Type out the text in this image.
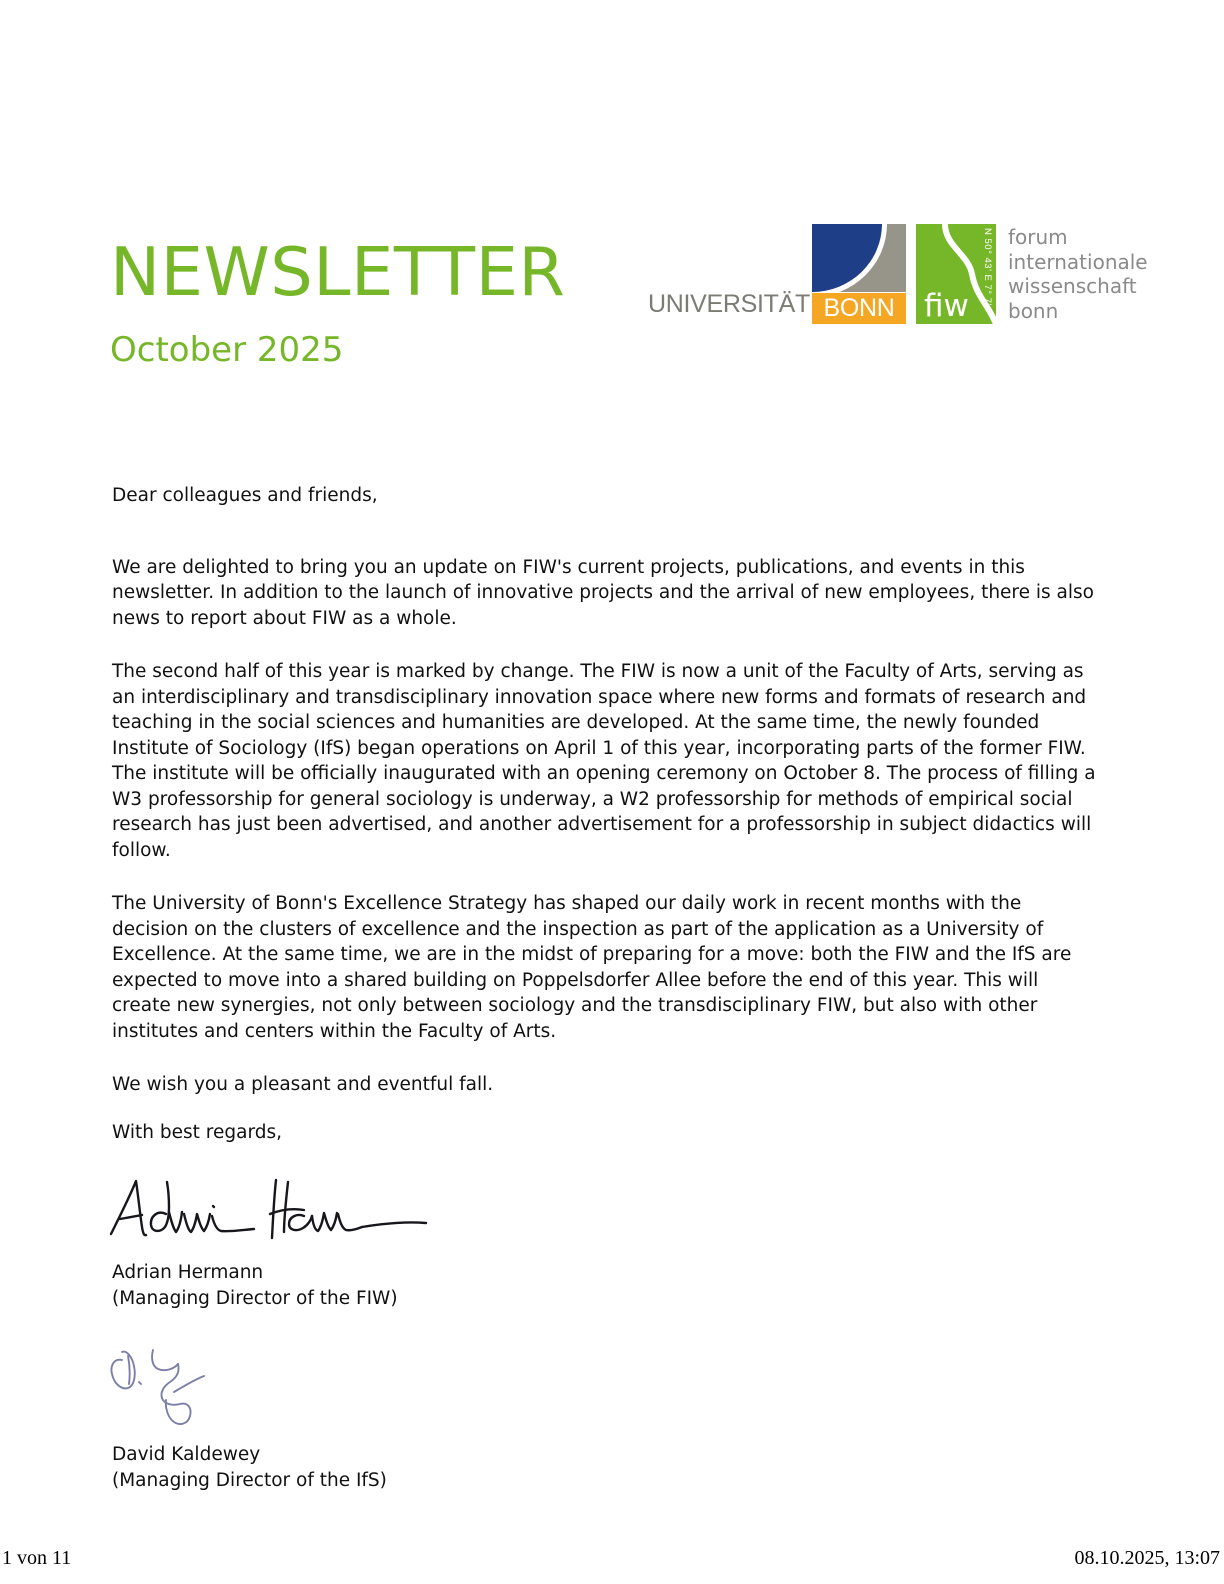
NEWSLETTER
October 2025
UNIVERSITÄT BONN fiw
N 50° 43' E 7° 7' forum
internationale
wissenschaft
bonn

Dear colleagues and friends,

We are delighted to bring you an update on FIW's current projects, publications, and events in this newsletter. In addition to the launch of innovative projects and the arrival of new employees, there is also news to report about FIW as a whole.

The second half of this year is marked by change. The FIW is now a unit of the Faculty of Arts, serving as an interdisciplinary and transdisciplinary innovation space where new forms and formats of research and teaching in the social sciences and humanities are developed. At the same time, the newly founded Institute of Sociology (IfS) began operations on April 1 of this year, incorporating parts of the former FIW. The institute will be officially inaugurated with an opening ceremony on October 8. The process of filling a W3 professorship for general sociology is underway, a W2 professorship for methods of empirical social research has just been advertised, and another advertisement for a professorship in subject didactics will follow.

The University of Bonn's Excellence Strategy has shaped our daily work in recent months with the decision on the clusters of excellence and the inspection as part of the application as a University of Excellence. At the same time, we are in the midst of preparing for a move: both the FIW and the IfS are expected to move into a shared building on Poppelsdorfer Allee before the end of this year. This will create new synergies, not only between sociology and the transdisciplinary FIW, but also with other institutes and centers within the Faculty of Arts.

We wish you a pleasant and eventful fall.

With best regards,
Adrian Hermann
(Managing Director of the FIW)
David Kaldewey
(Managing Director of the IfS)
1 von 11	08.10.2025, 13:07
